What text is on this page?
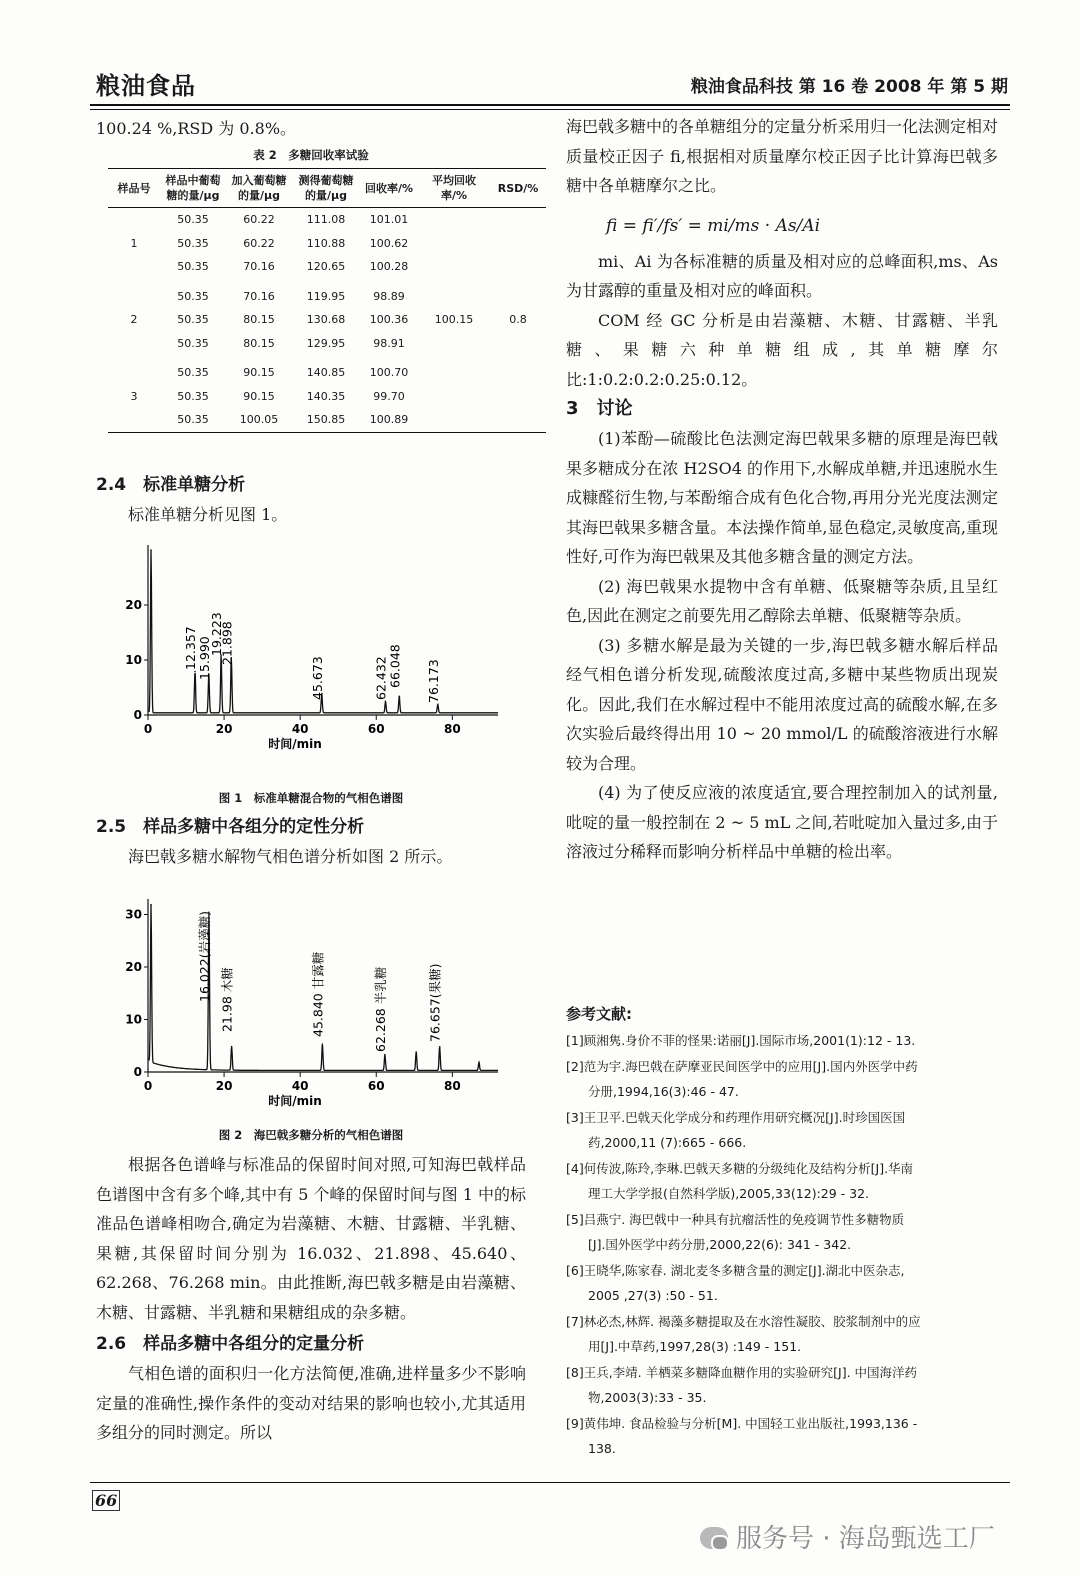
粮油食品	粮油食品科技 第 16 卷 2008 年 第 5 期

100.24 %,RSD 为 0.8%。

表 2　多糖回收率试验
样品号	样品中葡萄糖的量/μg	加入葡萄糖的量/μg	测得葡萄糖的量/μg	回收率/%	平均回收率/%	RSD/%
	50.35	60.22	111.08	101.01		
1	50.35	60.22	110.88	100.62		
	50.35	70.16	120.65	100.28		

	50.35	70.16	119.95	98.89		
2	50.35	80.15	130.68	100.36	100.15	0.8
	50.35	80.15	129.95	98.91		

	50.35	90.15	140.85	100.70		
3	50.35	90.15	140.35	99.70		
	50.35	100.05	150.85	100.89		

2.4　标准单糖分析

标准单糖分析见图 1。

0	20	40	60	80
0
10
20
时间/min
12.357
15.990
19.223
21.898
45.673	62.432
66.048 76.173
图 1　标准单糖混合物的气相色谱图

2.5　样品多糖中各组分的定性分析

海巴戟多糖水解物气相色谱分析如图 2 所示。

0	20	40	60	80
0
10
20
30
时间/min
16.022(岩藻糖) 21.98 木糖	45.840 甘露糖	62.268 半乳糖	76.657(果糖)
图 2　海巴戟多糖分析的气相色谱图

根据各色谱峰与标准品的保留时间对照,可知海巴戟样品色谱图中含有多个峰,其中有 5 个峰的保留时间与图 1 中的标准品色谱峰相吻合,确定为岩藻糖、木糖、甘露糖、半乳糖、果糖,其保留时间分别为 16.032、21.898、45.640、62.268、76.268 min。由此推断,海巴戟多糖是由岩藻糖、木糖、甘露糖、半乳糖和果糖组成的杂多糖。

2.6　样品多糖中各组分的定量分析

气相色谱的面积归一化方法简便,准确,进样量多少不影响定量的准确性,操作条件的变动对结果的影响也较小,尤其适用多组分的同时测定。所以

海巴戟多糖中的各单糖组分的定量分析采用归一化法测定相对质量校正因子 fi,根据相对质量摩尔校正因子比计算海巴戟多糖中各单糖摩尔之比。

fi = fi′/fs′ = mi/ms · As/Ai

mi、Ai 为各标准糖的质量及相对应的总峰面积,ms、As 为甘露醇的重量及相对应的峰面积。

COM 经 GC 分析是由岩藻糖、木糖、甘露糖、半乳糖、果糖六种单糖组成,其单糖摩尔比:1:0.2:0.2:0.25:0.12。

3　讨论

(1)苯酚—硫酸比色法测定海巴戟果多糖的原理是海巴戟果多糖成分在浓 H2SO4 的作用下,水解成单糖,并迅速脱水生成糠醛衍生物,与苯酚缩合成有色化合物,再用分光光度法测定其海巴戟果多糖含量。本法操作简单,显色稳定,灵敏度高,重现性好,可作为海巴戟果及其他多糖含量的测定方法。

(2) 海巴戟果水提物中含有单糖、低聚糖等杂质,且呈红色,因此在测定之前要先用乙醇除去单糖、低聚糖等杂质。

(3) 多糖水解是最为关键的一步,海巴戟多糖水解后样品经气相色谱分析发现,硫酸浓度过高,多糖中某些物质出现炭化。因此,我们在水解过程中不能用浓度过高的硫酸水解,在多次实验后最终得出用 10 ~ 20 mmol/L 的硫酸溶液进行水解较为合理。

(4) 为了使反应液的浓度适宜,要合理控制加入的试剂量,吡啶的量一般控制在 2 ~ 5 mL 之间,若吡啶加入量过多,由于溶液过分稀释而影响分析样品中单糖的检出率。

参考文献:

[1]顾湘隽.身价不菲的怪果:诺丽[J].国际市场,2001(1):12 - 13.

[2]范为宇.海巴戟在萨摩亚民间医学中的应用[J].国内外医学中药

分册,1994,16(3):46 - 47.

[3]王卫平.巴戟天化学成分和药理作用研究概况[J].时珍国医国

药,2000,11 (7):665 - 666.

[4]何传波,陈玲,李琳.巴戟天多糖的分级纯化及结构分析[J].华南

理工大学学报(自然科学版),2005,33(12):29 - 32.

[5]吕燕宁. 海巴戟中一种具有抗瘤活性的免疫调节性多糖物质

[J].国外医学中药分册,2000,22(6): 341 - 342.

[6]王晓华,陈家春. 湖北麦冬多糖含量的测定[J].湖北中医杂志,

2005 ,27(3) :50 - 51.

[7]林必杰,林辉. 褐藻多糖提取及在水溶性凝胶、胶浆制剂中的应

用[J].中草药,1997,28(3) :149 - 151.

[8]王兵,李靖. 羊栖菜多糖降血糖作用的实验研究[J]. 中国海洋药

物,2003(3):33 - 35.

[9]黄伟坤. 食品检验与分析[M]. 中国轻工业出版社,1993,136 -

138.

66
服务号 · 海岛甄选工厂
